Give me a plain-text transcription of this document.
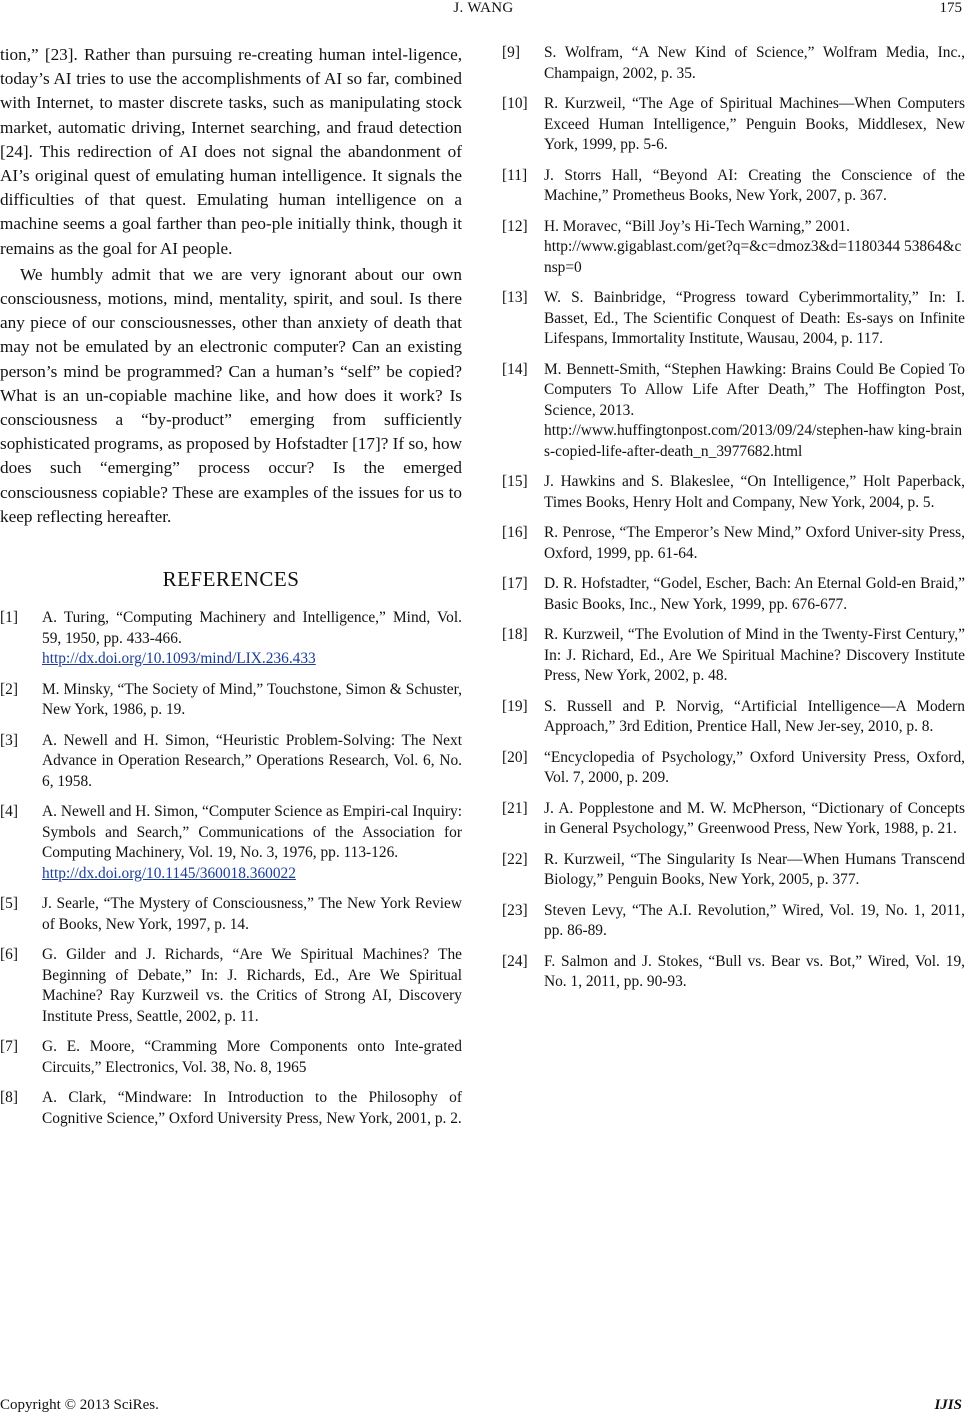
J. WANG	175

tion,” [23]. Rather than pursuing re-creating human intel-ligence, today’s AI tries to use the accomplishments of AI so far, combined with Internet, to master discrete tasks, such as manipulating stock market, automatic driving, Internet searching, and fraud detection [24]. This redirection of AI does not signal the abandonment of AI’s original quest of emulating human intelligence. It signals the difficulties of that quest. Emulating human intelligence on a machine seems a goal farther than peo-ple initially think, though it remains as the goal for AI people.

We humbly admit that we are very ignorant about our own consciousness, motions, mind, mentality, spirit, and soul. Is there any piece of our consciousnesses, other than anxiety of death that may not be emulated by an electronic computer? Can an existing person’s mind be programmed? Can a human’s “self” be copied? What is an un-copiable machine like, and how does it work? Is consciousness a “by-product” emerging from sufficiently sophisticated programs, as proposed by Hofstadter [17]? If so, how does such “emerging” process occur? Is the emerged consciousness copiable? These are examples of the issues for us to keep reflecting hereafter.

REFERENCES
[1]	A. Turing, “Computing Machinery and Intelligence,” Mind, Vol. 59, 1950, pp. 433-466.
http://dx.doi.org/10.1093/mind/LIX.236.433
[2]	M. Minsky, “The Society of Mind,” Touchstone, Simon & Schuster, New York, 1986, p. 19.
[3]	A. Newell and H. Simon, “Heuristic Problem-Solving: The Next Advance in Operation Research,” Operations Research, Vol. 6, No. 6, 1958.
[4]	A. Newell and H. Simon, “Computer Science as Empiri-cal Inquiry: Symbols and Search,” Communications of the Association for Computing Machinery, Vol. 19, No. 3, 1976, pp. 113-126.
http://dx.doi.org/10.1145/360018.360022
[5]	J. Searle, “The Mystery of Consciousness,” The New York Review of Books, New York, 1997, p. 14.
[6]	G. Gilder and J. Richards, “Are We Spiritual Machines? The Beginning of Debate,” In: J. Richards, Ed., Are We Spiritual Machine? Ray Kurzweil vs. the Critics of Strong AI, Discovery Institute Press, Seattle, 2002, p. 11.
[7]	G. E. Moore, “Cramming More Components onto Inte-grated Circuits,” Electronics, Vol. 38, No. 8, 1965
[8]	A. Clark, “Mindware: In Introduction to the Philosophy of Cognitive Science,” Oxford University Press, New York, 2001, p. 2.
[9]	S. Wolfram, “A New Kind of Science,” Wolfram Media, Inc., Champaign, 2002, p. 35.
[10]	R. Kurzweil, “The Age of Spiritual Machines—When Computers Exceed Human Intelligence,” Penguin Books, Middlesex, New York, 1999, pp. 5-6.
[11]	J. Storrs Hall, “Beyond AI: Creating the Conscience of the Machine,” Prometheus Books, New York, 2007, p. 367.
[12]	H. Moravec, “Bill Joy’s Hi-Tech Warning,” 2001.
http://www.gigablast.com/get?q=&c=dmoz3&d=1180344 53864&cnsp=0
[13]	W. S. Bainbridge, “Progress toward Cyberimmortality,” In: I. Basset, Ed., The Scientific Conquest of Death: Es-says on Infinite Lifespans, Immortality Institute, Wausau, 2004, p. 117.
[14]	M. Bennett-Smith, “Stephen Hawking: Brains Could Be Copied To Computers To Allow Life After Death,” The Hoffington Post, Science, 2013.
http://www.huffingtonpost.com/2013/09/24/stephen-haw king-brains-copied-life-after-death_n_3977682.html
[15]	J. Hawkins and S. Blakeslee, “On Intelligence,” Holt Paperback, Times Books, Henry Holt and Company, New York, 2004, p. 5.
[16]	R. Penrose, “The Emperor’s New Mind,” Oxford Univer-sity Press, Oxford, 1999, pp. 61-64.
[17]	D. R. Hofstadter, “Godel, Escher, Bach: An Eternal Gold-en Braid,” Basic Books, Inc., New York, 1999, pp. 676-677.
[18]	R. Kurzweil, “The Evolution of Mind in the Twenty-First Century,” In: J. Richard, Ed., Are We Spiritual Machine? Discovery Institute Press, New York, 2002, p. 48.
[19]	S. Russell and P. Norvig, “Artificial Intelligence—A Modern Approach,” 3rd Edition, Prentice Hall, New Jer-sey, 2010, p. 8.
[20]	“Encyclopedia of Psychology,” Oxford University Press, Oxford, Vol. 7, 2000, p. 209.
[21]	J. A. Popplestone and M. W. McPherson, “Dictionary of Concepts in General Psychology,” Greenwood Press, New York, 1988, p. 21.
[22]	R. Kurzweil, “The Singularity Is Near—When Humans Transcend Biology,” Penguin Books, New York, 2005, p. 377.
[23]	Steven Levy, “The A.I. Revolution,” Wired, Vol. 19, No. 1, 2011, pp. 86-89.
[24]	F. Salmon and J. Stokes, “Bull vs. Bear vs. Bot,” Wired, Vol. 19, No. 1, 2011, pp. 90-93.
Copyright © 2013 SciRes.	IJIS
